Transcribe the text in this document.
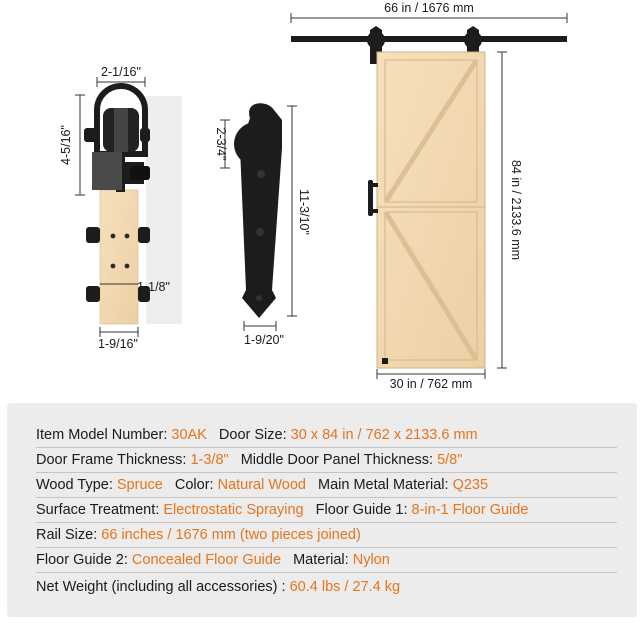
2-1/16"
4-5/16"
1-1/8"
1-9/16"
2-3/4"
11-3/10"
1-9/20"
66 in / 1676 mm
84 in / 2133.6 mm
30 in / 762 mm
Item Model Number: 30AK Door Size: 30 x 84 in / 762 x 2133.6 mm
Door Frame Thickness: 1-3/8" Middle Door Panel Thickness: 5/8"
Wood Type: Spruce Color: Natural Wood Main Metal Material: Q235
Surface Treatment: Electrostatic Spraying Floor Guide 1: 8-in-1 Floor Guide
Rail Size: 66 inches / 1676 mm (two pieces joined)
Floor Guide 2: Concealed Floor Guide Material: Nylon
Net Weight (including all accessories) : 60.4 lbs / 27.4 kg
